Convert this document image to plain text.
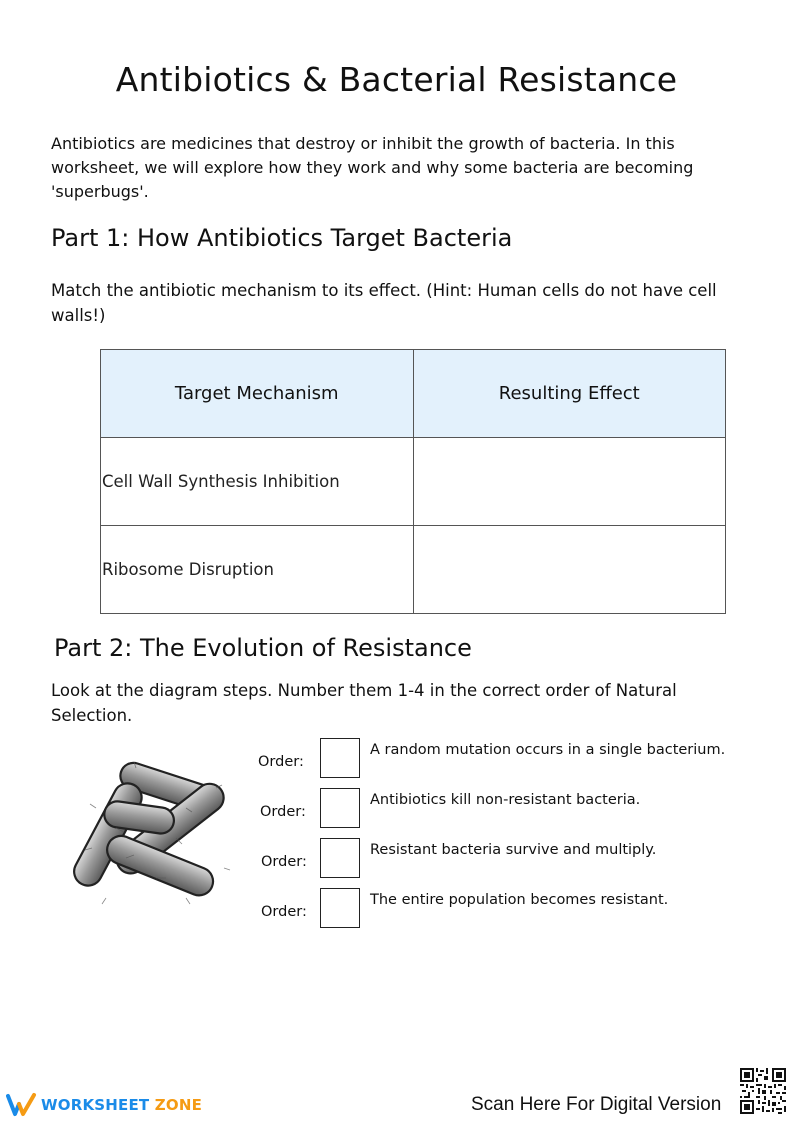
Antibiotics & Bacterial Resistance

Antibiotics are medicines that destroy or inhibit the growth of bacteria. In this worksheet, we will explore how they work and why some bacteria are becoming 'superbugs'.

Part 1: How Antibiotics Target Bacteria

Match the antibiotic mechanism to its effect. (Hint: Human cells do not have cell walls!)

Target Mechanism	Resulting Effect
Cell Wall Synthesis Inhibition	
Ribosome Disruption	
Part 2: The Evolution of Resistance

Look at the diagram steps. Number them 1-4 in the correct order of Natural Selection.

Order:
A random mutation occurs in a single bacterium.
Order:
Antibiotics kill non-resistant bacteria.
Order:
Resistant bacteria survive and multiply.
Order:
The entire population becomes resistant.
WORKSHEET ZONE	Scan Here For Digital Version
